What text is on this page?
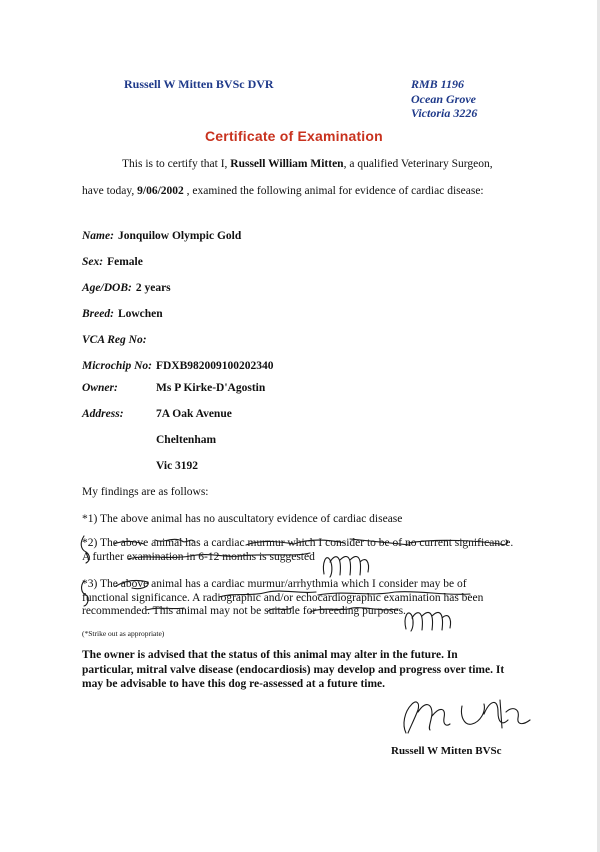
Russell W Mitten BVSc DVR	RMB 1196
Ocean Grove
Victoria 3226
Certificate of Examination
This is to certify that I, Russell William Mitten, a qualified Veterinary Surgeon,
have today, 9/06/2002 , examined the following animal for evidence of cardiac disease:
Name: Jonquilow Olympic Gold
Sex: Female
Age/DOB: 2 years
Breed: Lowchen
VCA Reg No:
Microchip No: FDXB982009100202340
Owner:	Ms P Kirke-D'Agostin
Address:	7A Oak Avenue
Cheltenham
Vic 3192
My findings are as follows:
*1) The above animal has no auscultatory evidence of cardiac disease
*2) The above animal has a cardiac murmur which I consider to be of no current significance.
A further examination in 6-12 months is suggested
*3) The above animal has a cardiac murmur/arrhythmia which I consider may be of
functional significance. A radiographic and/or echocardiographic examination has been
recommended. This animal may not be suitable for breeding purposes.
(*Strike out as appropriate)
The owner is advised that the status of this animal may alter in the future. In particular, mitral valve disease (endocardiosis) may develop and progress over time. It may be advisable to have this dog re-assessed at a future time.
Russell W Mitten BVSc
